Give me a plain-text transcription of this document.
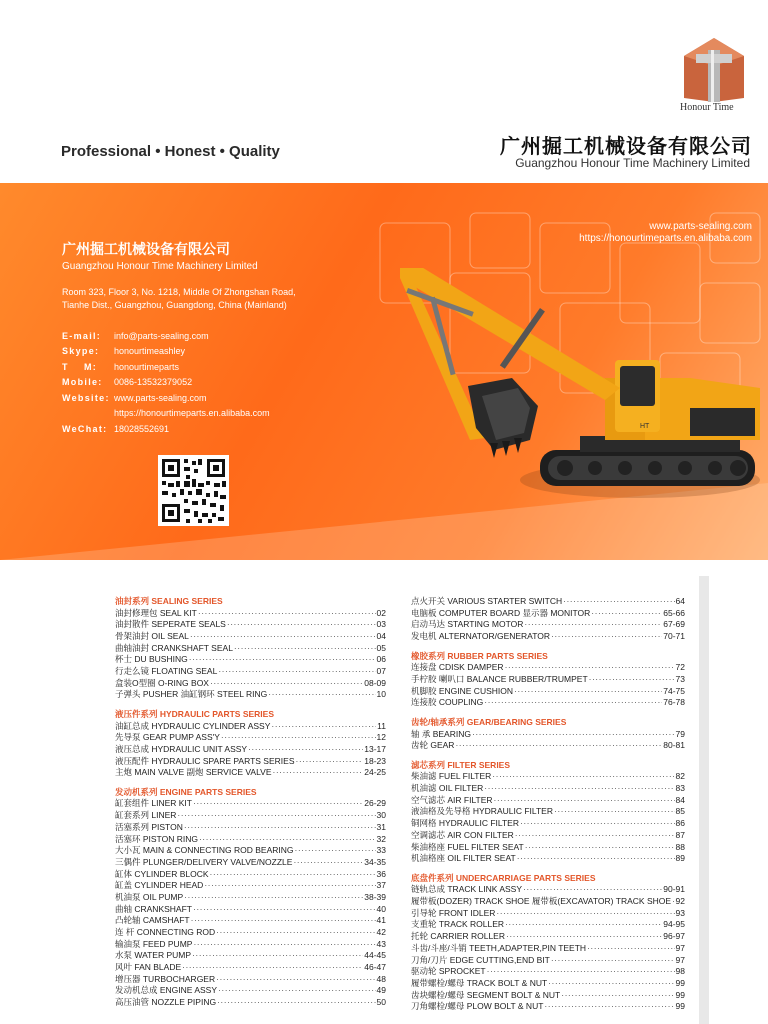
Professional • Honest • Quality
Honour Time
广州掘工机械设备有限公司
Guangzhou Honour Time Machinery Limited
www.parts-sealing.com
https://honourtimeparts.en.alibaba.com
广州掘工机械设备有限公司
Guangzhou Honour Time Machinery Limited
Room 323, Floor 3, No. 1218, Middle Of Zhongshan Road,
Tianhe Dist., Guangzhou, Guangdong, China (Mainland)
E-mail:	info@parts-sealing.com
Skype:	honourtimeashley
T    M:	honourtimeparts
Mobile:	0086-13532379052
Website: www.parts-sealing.com
https://honourtimeparts.en.alibaba.com
WeChat: 18028552691	HT
油封系列 SEALING SERIES
油封修理包 SEAL KIT ·····	02
油封散件 SEPERATE SEALS ·····	03
骨架油封 OIL SEAL ·····	04
曲轴油封 CRANKSHAFT SEAL ·····	05
杯士 DU BUSHING ·····	06
行走么镜 FLOATING SEAL ·····	07
盒装O型圈 O-RING BOX ·····	08-09
子弹头 PUSHER 油缸钢环 STEEL RING ·····	10
液压件系列 HYDRAULIC PARTS SERIES
油缸总成 HYDRAULIC CYLINDER ASSY ·····	11
先导泵 GEAR PUMP ASS'Y ·····	12
液压总成 HYDRAULIC UNIT ASSY ·····	13-17
液压配件 HYDRAULIC SPARE PARTS SERIES ·····	18-23
主炮 MAIN VALVE 副炮 SERVICE VALVE ·····	24-25
发动机系列 ENGINE PARTS SERIES
缸套组件 LINER KIT ·····	26-29
缸套系列 LINER ·····	30
活塞系列 PISTON ·····	31
活塞环 PISTON RING ·····	32
大小瓦 MAIN & CONNECTING ROD BEARING ·····	33
三偶件 PLUNGER/DELIVERY VALVE/NOZZLE ·····	34-35
缸体 CYLINDER BLOCK ·····	36
缸盖 CYLINDER HEAD ·····	37
机油泵 OIL PUMP ·····	38-39
曲轴 CRANKSHAFT ·····	40
凸轮轴 CAMSHAFT ·····	41
连 杆 CONNECTING ROD ·····	42
输油泵 FEED PUMP ·····	43
水泵 WATER PUMP ·····	44-45
风叶 FAN BLADE ·····	46-47
增压器 TURBOCHARGER ·····	48
发动机总成 ENGINE ASSY ·····	49
高压油管 NOZZLE PIPING ·····	50
点火开关 VARIOUS STARTER SWITCH ·····	64
电脑板 COMPUTER BOARD 显示器 MONITOR ·····	65-66
启动马达 STARTING MOTOR ·····	67-69
发电机 ALTERNATOR/GENERATOR ·····	70-71
橡胶系列 RUBBER PARTS SERIES
连接盘 CDISK DAMPER ·····	72
手柠胶 喇叭口 BALANCE RUBBER/TRUMPET ·····	73
机脚胶 ENGINE CUSHION ·····	74-75
连接胶 COUPLING ·····	76-78
齿轮/轴承系列 GEAR/BEARING SERIES
轴 承 BEARING ·····	79
齿轮 GEAR ·····	80-81
滤芯系列 FILTER SERIES
柴油滤 FUEL FILTER ·····	82
机油滤 OIL FILTER ·····	83
空气滤芯 AIR FILTER ·····	84
液油格及先导格 HYDRAULIC FILTER ·····	85
铜网格 HYDRAULIC FILTER ·····	86
空调滤芯 AIR CON FILTER ·····	87
柴油格座 FUEL FILTER SEAT ·····	88
机油格座 OIL FILTER SEAT ·····	89
底盘件系列 UNDERCARRIAGE PARTS SERIES
链轨总成 TRACK LINK ASSY ·····	90-91
履带板(DOZER) TRACK SHOE 履带板(EXCAVATOR) TRACK SHOE ····· 92
引导轮 FRONT IDLER ·····	93
支重轮 TRACK ROLLER ·····	94-95
托轮 CARRIER ROLLER ·····	96-97
斗齿/斗座/斗销 TEETH,ADAPTER,PIN TEETH ·····	97
刀角/刀片 EDGE CUTTING,END BIT ·····	97
驱动轮 SPROCKET ·····	98
履带螺栓/螺母 TRACK BOLT & NUT ·····	99
齿块螺栓/螺母 SEGMENT BOLT & NUT ·····	99
刀角螺栓/螺母 PLOW BOLT & NUT ·····	99
